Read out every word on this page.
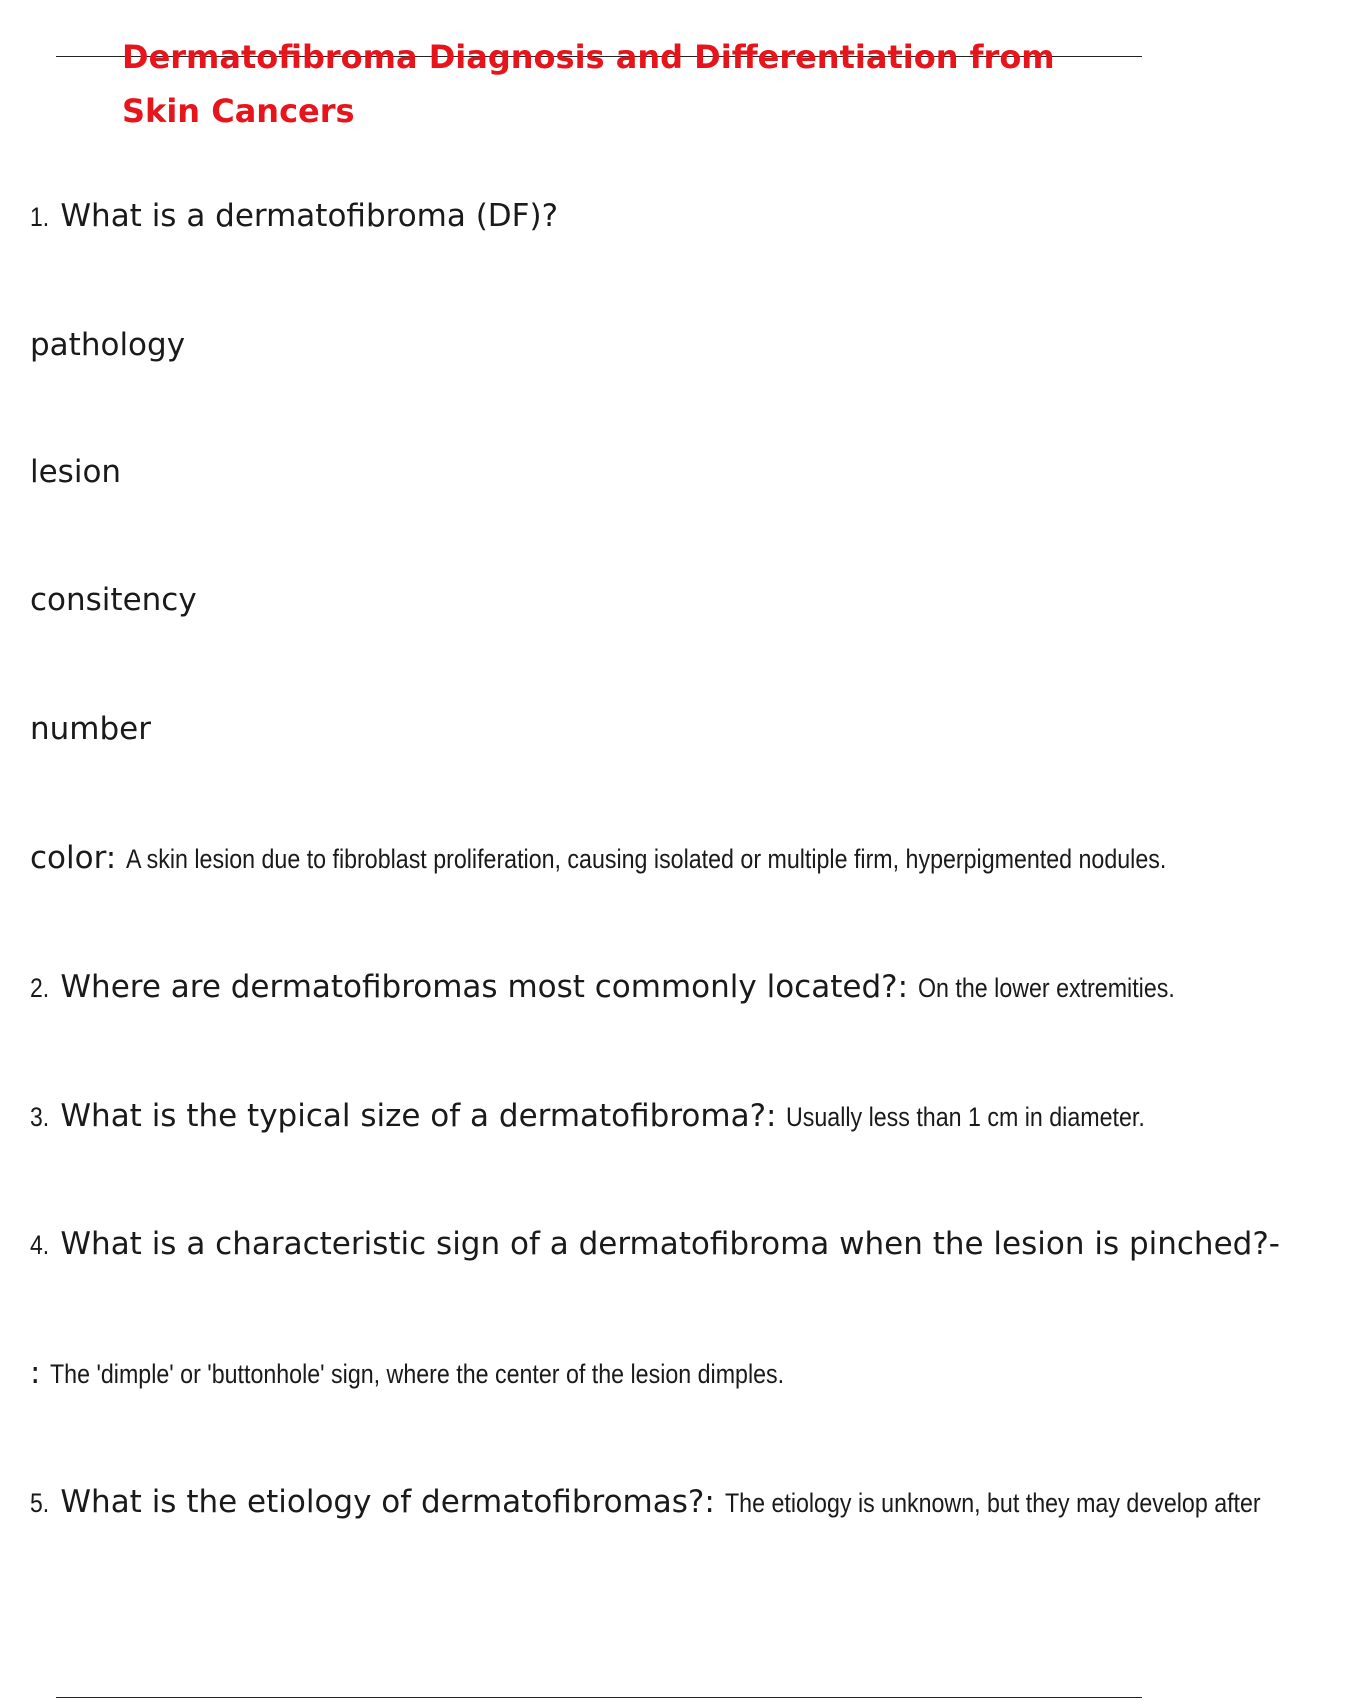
Dermatofibroma Diagnosis and Differentiation from Skin Cancers

1. What is a dermatofibroma (DF)?

pathology

lesion

consitency

number

color: A skin lesion due to fibroblast proliferation, causing isolated or multiple firm, hyperpigmented nodules.

2. Where are dermatofibromas most commonly located?: On the lower extremities.

3. What is the typical size of a dermatofibroma?: Usually less than 1 cm in diameter.

4. What is a characteristic sign of a dermatofibroma when the lesion is pinched?-

: The 'dimple' or 'buttonhole' sign, where the center of the lesion dimples.

5. What is the etiology of dermatofibromas?: The etiology is unknown, but they may develop after
